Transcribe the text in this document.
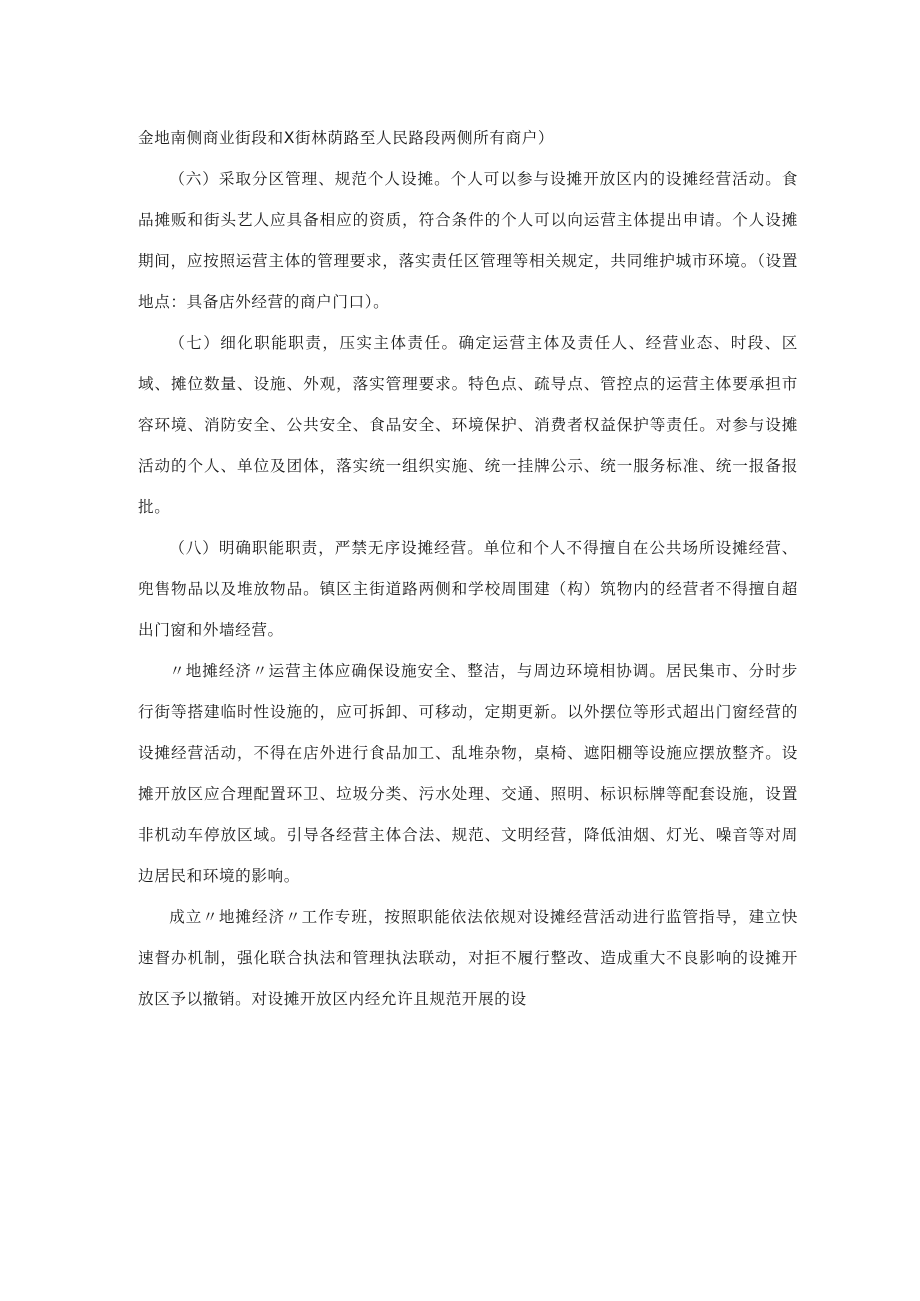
金地南侧商业街段和X街林荫路至人民路段两侧所有商户）

（六）采取分区管理、规范个人设摊。个人可以参与设摊开放区内的设摊经营活动。食品摊贩和街头艺人应具备相应的资质，符合条件的个人可以向运营主体提出申请。个人设摊期间，应按照运营主体的管理要求，落实责任区管理等相关规定，共同维护城市环境。（设置地点：具备店外经营的商户门口）。

（七）细化职能职责，压实主体责任。确定运营主体及责任人、经营业态、时段、区域、摊位数量、设施、外观，落实管理要求。特色点、疏导点、管控点的运营主体要承担市容环境、消防安全、公共安全、食品安全、环境保护、消费者权益保护等责任。对参与设摊活动的个人、单位及团体，落实统一组织实施、统一挂牌公示、统一服务标准、统一报备报批。

（八）明确职能职责，严禁无序设摊经营。单位和个人不得擅自在公共场所设摊经营、兜售物品以及堆放物品。镇区主街道路两侧和学校周围建（构）筑物内的经营者不得擅自超出门窗和外墙经营。

〃地摊经济〃运营主体应确保设施安全、整洁，与周边环境相协调。居民集市、分时步行街等搭建临时性设施的，应可拆卸、可移动，定期更新。以外摆位等形式超出门窗经营的设摊经营活动，不得在店外进行食品加工、乱堆杂物，桌椅、遮阳棚等设施应摆放整齐。设摊开放区应合理配置环卫、垃圾分类、污水处理、交通、照明、标识标牌等配套设施，设置非机动车停放区域。引导各经营主体合法、规范、文明经营，降低油烟、灯光、噪音等对周边居民和环境的影响。

成立〃地摊经济〃工作专班，按照职能依法依规对设摊经营活动进行监管指导，建立快速督办机制，强化联合执法和管理执法联动，对拒不履行整改、造成重大不良影响的设摊开放区予以撤销。对设摊开放区内经允许且规范开展的设
